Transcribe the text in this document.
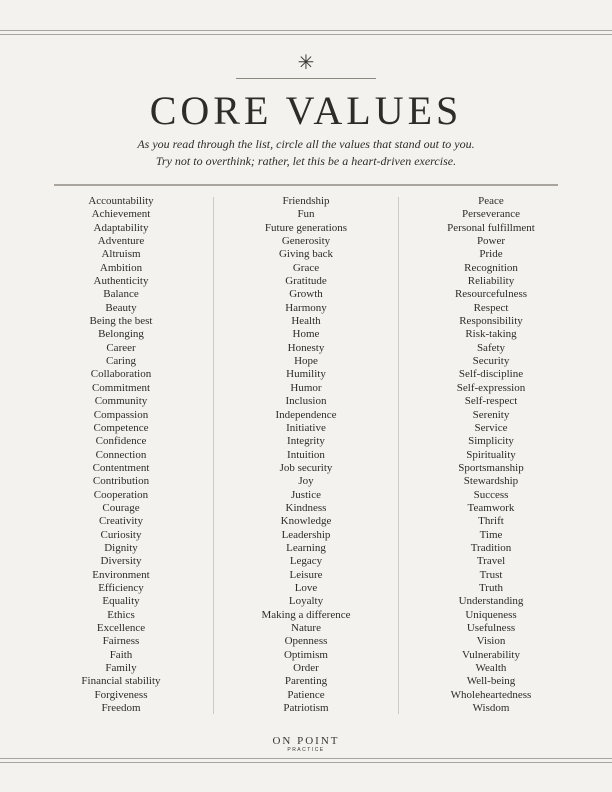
✳
CORE VALUES
As you read through the list, circle all the values that stand out to you.
Try not to overthink; rather, let this be a heart-driven exercise.
Accountability
Achievement
Adaptability
Adventure
Altruism
Ambition
Authenticity
Balance
Beauty
Being the best
Belonging
Career
Caring
Collaboration
Commitment
Community
Compassion
Competence
Confidence
Connection
Contentment
Contribution
Cooperation
Courage
Creativity
Curiosity
Dignity
Diversity
Environment
Efficiency
Equality
Ethics
Excellence
Fairness
Faith
Family
Financial stability
Forgiveness
Freedom
Friendship
Fun
Future generations
Generosity
Giving back
Grace
Gratitude
Growth
Harmony
Health
Home
Honesty
Hope
Humility
Humor
Inclusion
Independence
Initiative
Integrity
Intuition
Job security
Joy
Justice
Kindness
Knowledge
Leadership
Learning
Legacy
Leisure
Love
Loyalty
Making a difference
Nature
Openness
Optimism
Order
Parenting
Patience
Patriotism
Peace
Perseverance
Personal fulfillment
Power
Pride
Recognition
Reliability
Resourcefulness
Respect
Responsibility
Risk-taking
Safety
Security
Self-discipline
Self-expression
Self-respect
Serenity
Service
Simplicity
Spirituality
Sportsmanship
Stewardship
Success
Teamwork
Thrift
Time
Tradition
Travel
Trust
Truth
Understanding
Uniqueness
Usefulness
Vision
Vulnerability
Wealth
Well-being
Wholeheartedness
Wisdom
ON POINT
PRACTICE
